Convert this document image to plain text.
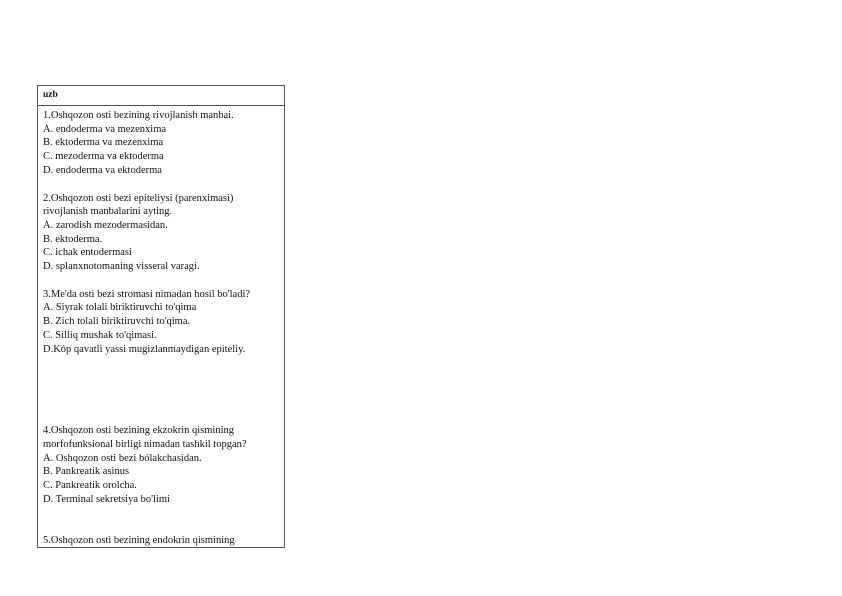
uzb
1.Oshqozon osti bezining rivojlanish manbai.
A. endoderma va mezenxima
B. ektoderma va mezenxima
C. mezoderma va ektoderma
D. endoderma va ektoderma
2.Oshqozon osti bezi epiteliysi (parenximasi)
rivojlanish manbalarini ayting.
A. zarodish mezodermasidan.
B. ektoderma.
C. ichak entodermasi
D. splanxnotomaning visseral varagi.
3.Me'da osti bezi stromasi nimadan hosil bo'ladi?
A. Siyrak tolali biriktiruvchi to'qima
B. Zich tolali biriktiruvchi to'qima.
C. Silliq mushak to'qimasi.
D.Kóp qavatli yassi mugizlanmaydigan epiteliy.
4.Oshqozon osti bezining ekzokrin qismining
morfofunksional birligi nimadan tashkil topgan?
A. Oshqozon osti bezi bólakchasidan.
B. Pankreatik asinus
C. Pankreatik orolcha.
D. Terminal sekretsiya bo'limi
5.Oshqozon osti bezining endokrin qismining
